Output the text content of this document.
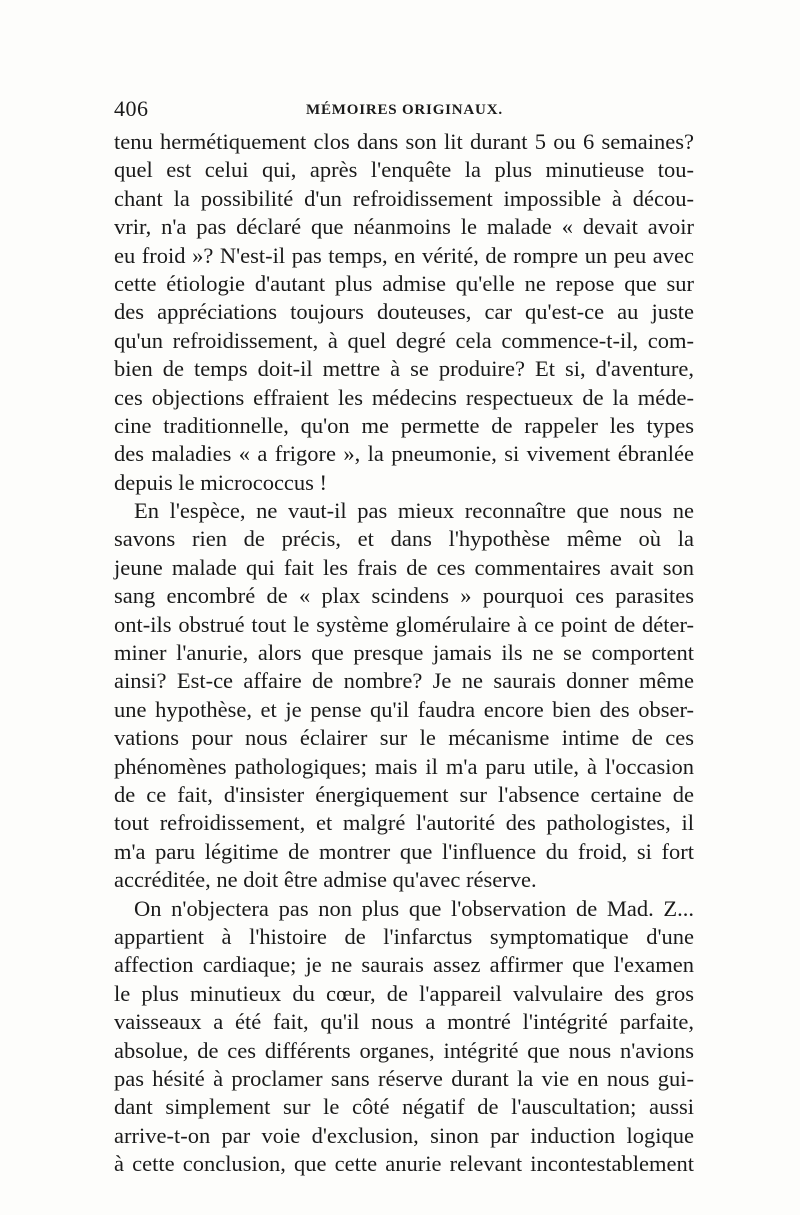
406	MÉMOIRES ORIGINAUX.
tenu hermétiquement clos dans son lit durant 5 ou 6 semaines?
quel est celui qui, après l'enquête la plus minutieuse tou-
chant la possibilité d'un refroidissement impossible à décou-
vrir, n'a pas déclaré que néanmoins le malade « devait avoir
eu froid »? N'est-il pas temps, en vérité, de rompre un peu avec
cette étiologie d'autant plus admise qu'elle ne repose que sur
des appréciations toujours douteuses, car qu'est-ce au juste
qu'un refroidissement, à quel degré cela commence-t-il, com-
bien de temps doit-il mettre à se produire? Et si, d'aventure,
ces objections effraient les médecins respectueux de la méde-
cine traditionnelle, qu'on me permette de rappeler les types
des maladies « a frigore », la pneumonie, si vivement ébranlée
depuis le micrococcus !
En l'espèce, ne vaut-il pas mieux reconnaître que nous ne
savons rien de précis, et dans l'hypothèse même où la
jeune malade qui fait les frais de ces commentaires avait son
sang encombré de « plax scindens » pourquoi ces parasites
ont-ils obstrué tout le système glomérulaire à ce point de déter-
miner l'anurie, alors que presque jamais ils ne se comportent
ainsi? Est-ce affaire de nombre? Je ne saurais donner même
une hypothèse, et je pense qu'il faudra encore bien des obser-
vations pour nous éclairer sur le mécanisme intime de ces
phénomènes pathologiques; mais il m'a paru utile, à l'occasion
de ce fait, d'insister énergiquement sur l'absence certaine de
tout refroidissement, et malgré l'autorité des pathologistes, il
m'a paru légitime de montrer que l'influence du froid, si fort
accréditée, ne doit être admise qu'avec réserve.
On n'objectera pas non plus que l'observation de Mad. Z...
appartient à l'histoire de l'infarctus symptomatique d'une
affection cardiaque; je ne saurais assez affirmer que l'examen
le plus minutieux du cœur, de l'appareil valvulaire des gros
vaisseaux a été fait, qu'il nous a montré l'intégrité parfaite,
absolue, de ces différents organes, intégrité que nous n'avions
pas hésité à proclamer sans réserve durant la vie en nous gui-
dant simplement sur le côté négatif de l'auscultation; aussi
arrive-t-on par voie d'exclusion, sinon par induction logique
à cette conclusion, que cette anurie relevant incontestablement
